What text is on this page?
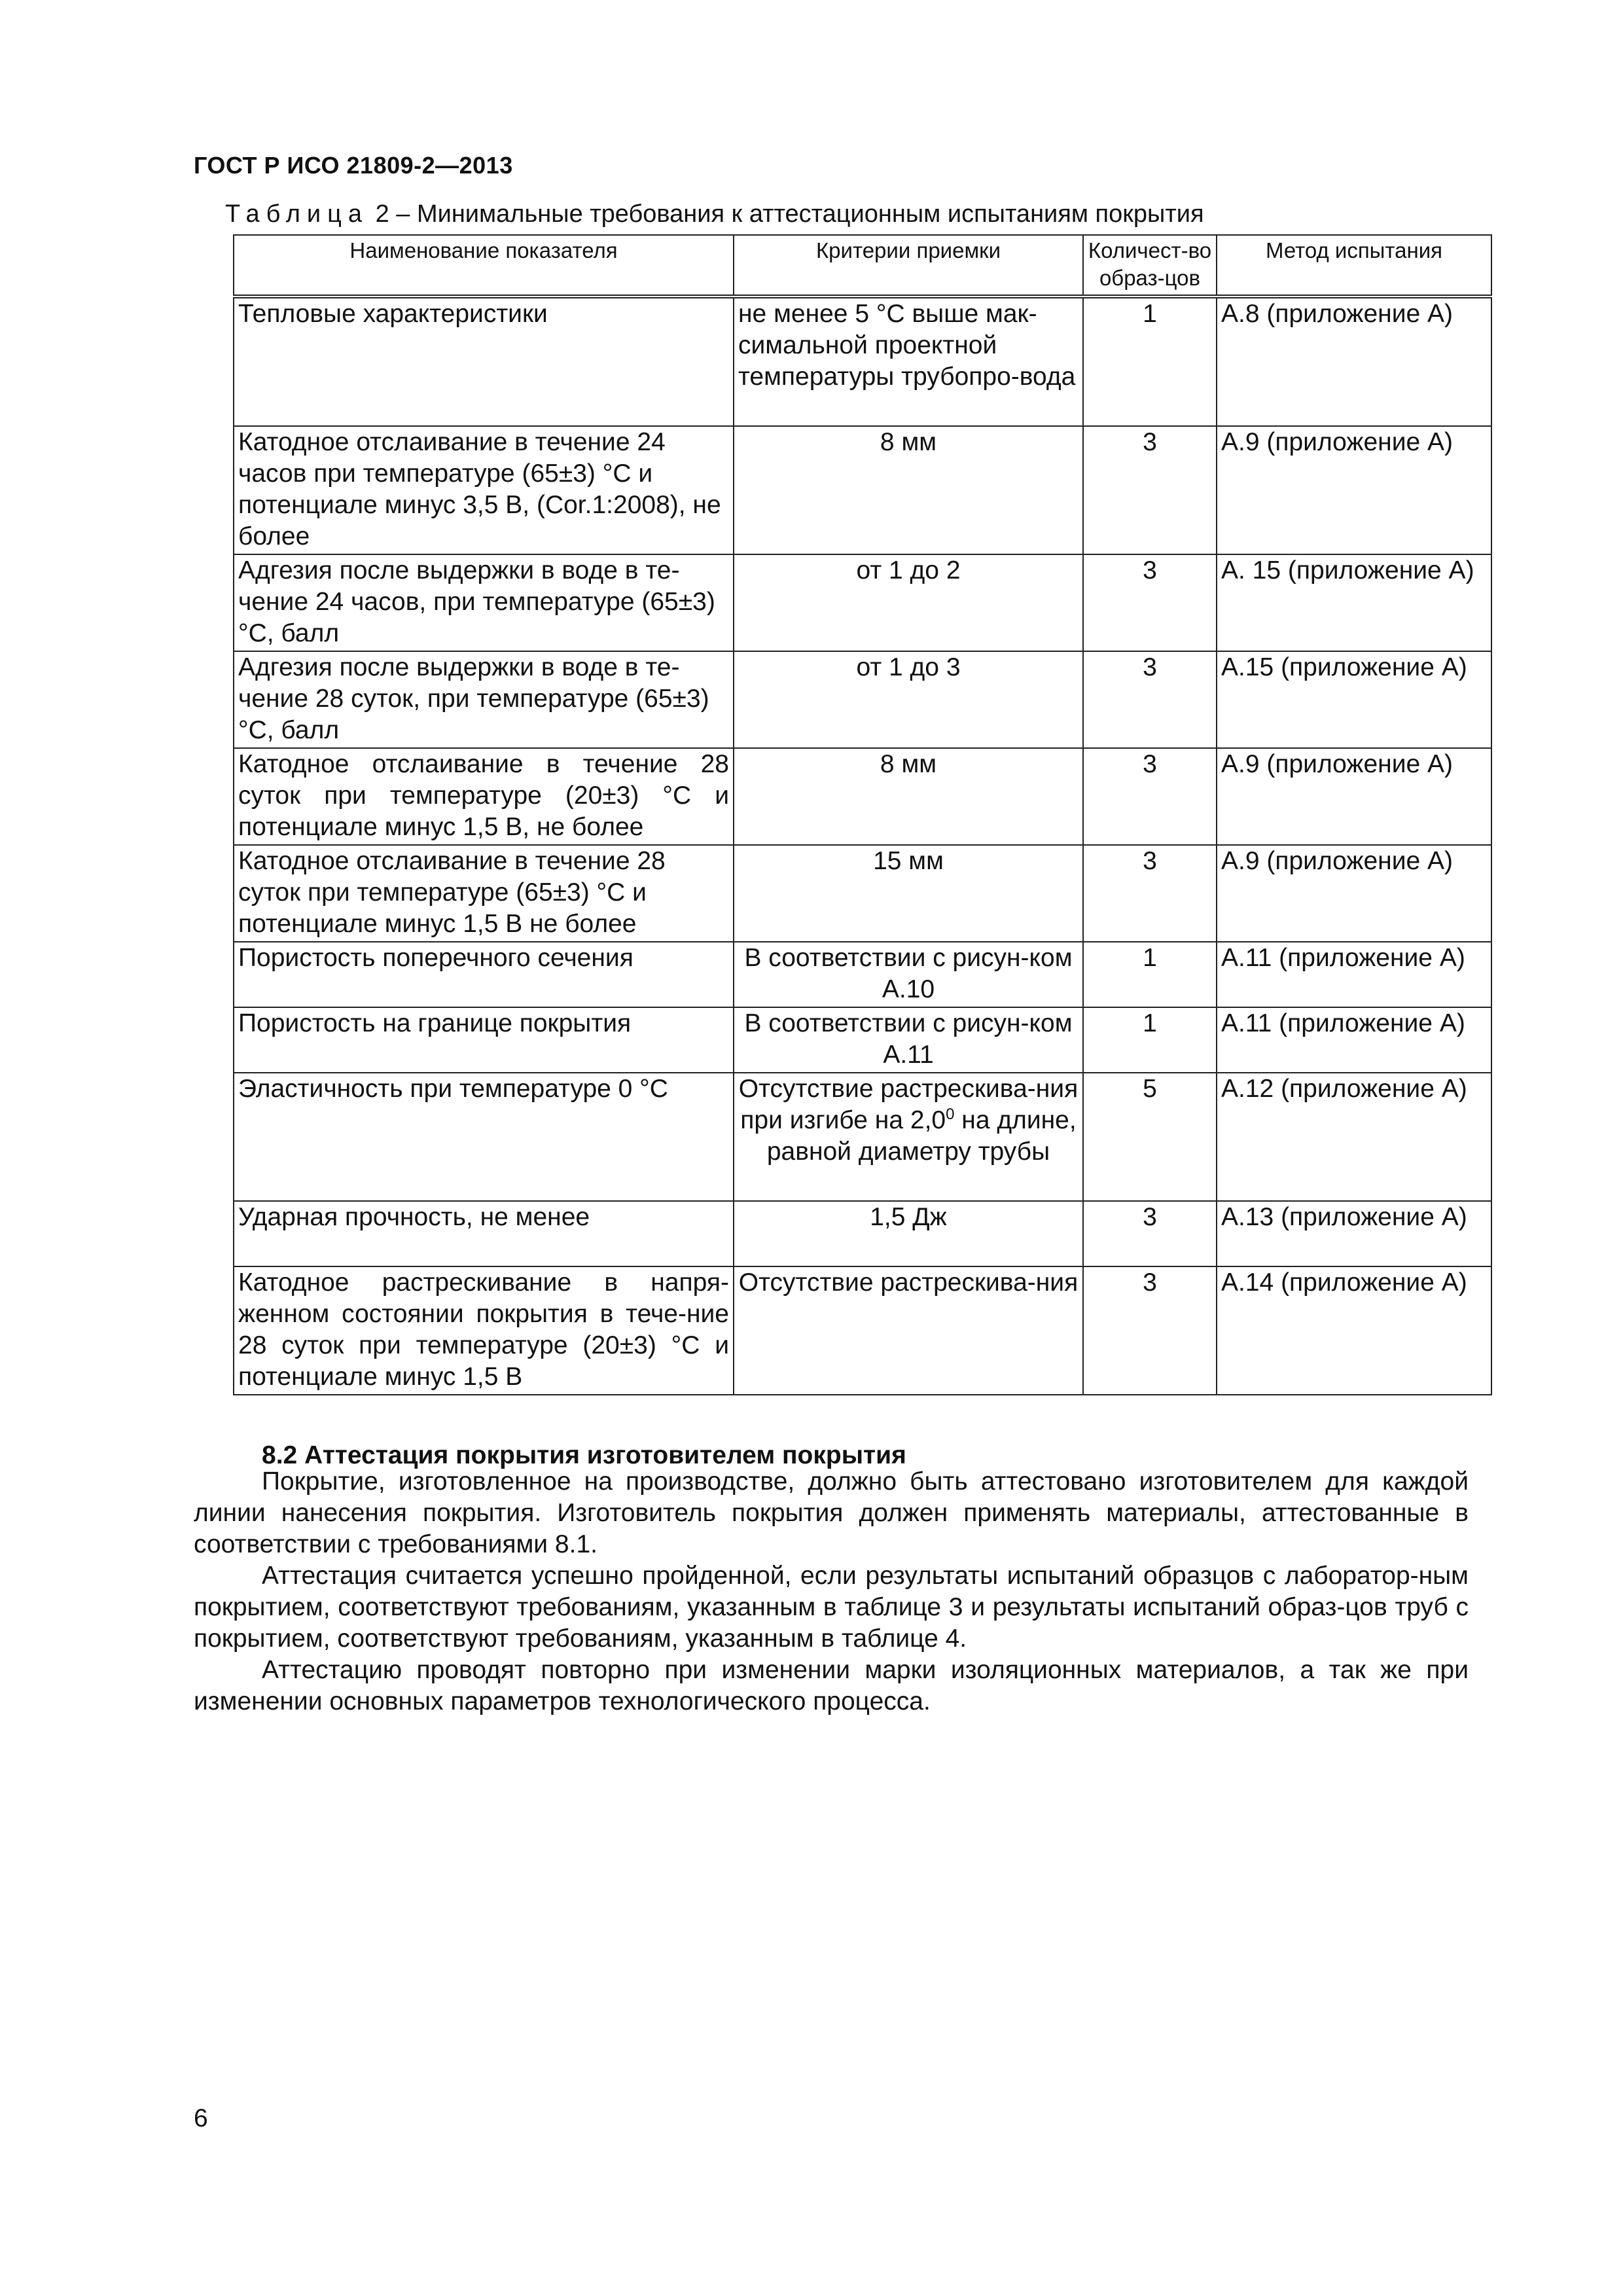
ГОСТ Р ИСО 21809-2—2013
Таблица 2 – Минимальные требования к аттестационным испытаниям покрытия
Наименование показателя	Критерии приемки	Количест-во образ-цов	Метод испытания
Тепловые характеристики	не менее 5 °С выше мак-симальной проектной температуры трубопро-вода	1	А.8 (приложение А)
Катодное отслаивание в течение 24 часов при температуре (65±3) °С и потенциале минус 3,5 В, (Cor.1:2008), не более	8 мм	3	А.9 (приложение А)
Адгезия после выдержки в воде в те-чение 24 часов, при температуре (65±3) °С, балл	от 1 до 2	3	А. 15 (приложение А)
Адгезия после выдержки в воде в те-чение 28 суток, при температуре (65±3)°С, балл	от 1 до 3	3	А.15 (приложение А)
Катодное отслаивание в течение 28 суток при температуре (20±3) °С и потенциале минус 1,5 В, не более	8 мм	3	А.9 (приложение А)
Катодное отслаивание в течение 28 суток при температуре (65±3) °С и потенциале минус 1,5 В не более	15 мм	3	А.9 (приложение А)
Пористость поперечного сечения	В соответствии с рисун-ком А.10	1	А.11 (приложение А)
Пористость на границе покрытия	В соответствии с рисун-ком А.11	1	А.11 (приложение А)
Эластичность при температуре 0 °С	Отсутствие растрескива-ния при изгибе на $2,0^0$ на длине, равной диаметру трубы	5	А.12 (приложение А)
Ударная прочность, не менее	1,5 Дж	3	А.13 (приложение А)
Катодное растрескивание в напря-женном состоянии покрытия в тече-ние 28 суток при температуре (20±3) °С и потенциале минус 1,5 В	Отсутствие растрескива-ния	3	А.14 (приложение А)
8.2 Аттестация покрытия изготовителем покрытия

Покрытие, изготовленное на производстве, должно быть аттестовано изготовителем для каждой линии нанесения покрытия. Изготовитель покрытия должен применять материалы, аттестованные в соответствии с требованиями 8.1.

Аттестация считается успешно пройденной, если результаты испытаний образцов с лаборатор-ным покрытием, соответствуют требованиям, указанным в таблице 3 и результаты испытаний образ-цов труб с покрытием, соответствуют требованиям, указанным в таблице 4.

Аттестацию проводят повторно при изменении марки изоляционных материалов, а так же при изменении основных параметров технологического процесса.

6
